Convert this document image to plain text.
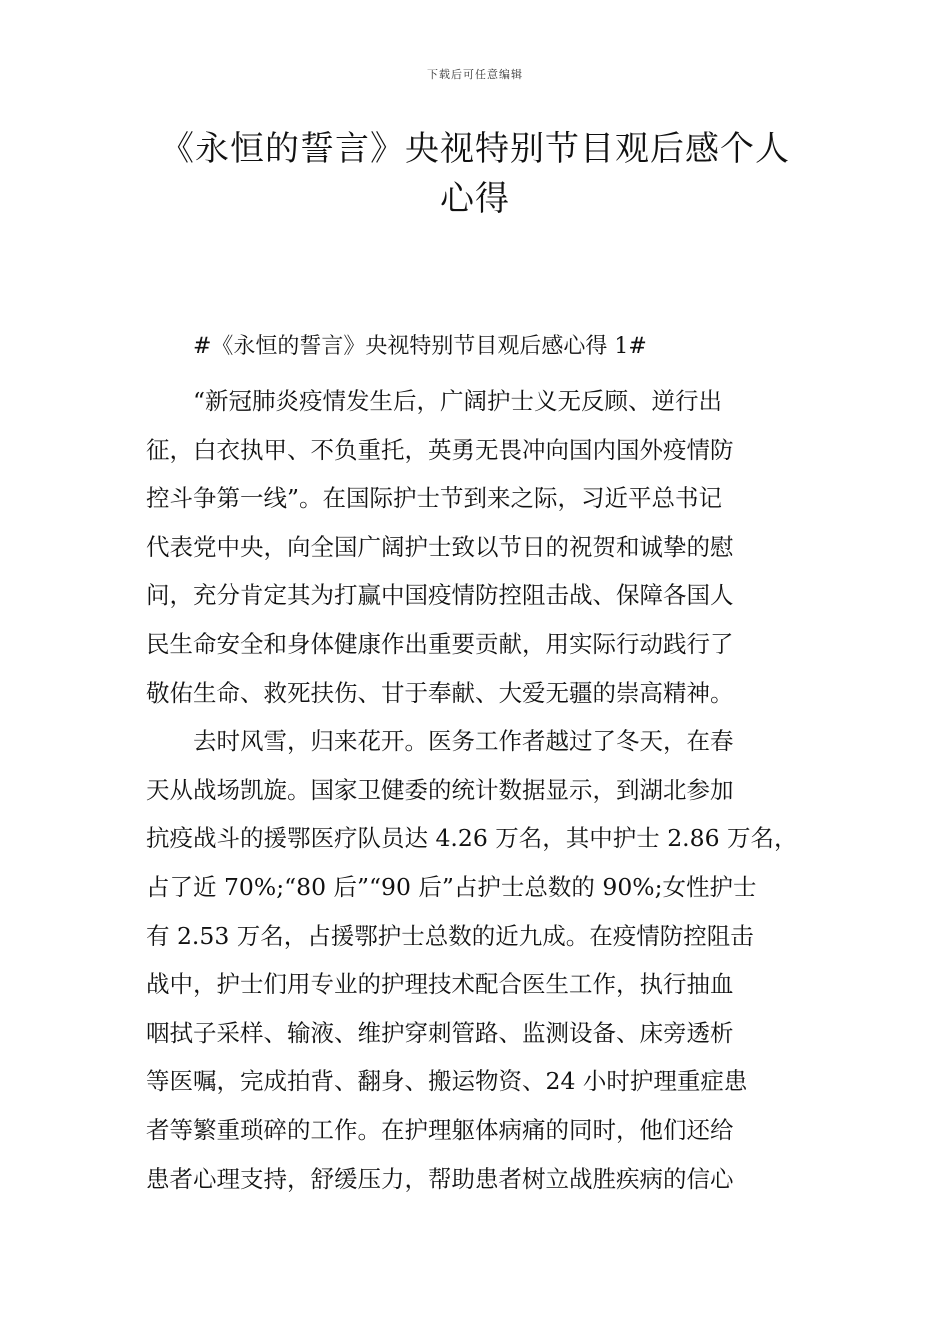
下载后可任意编辑
《永恒的誓言》央视特别节目观后感个人
心得
#《永恒的誓言》央视特别节目观后感心得 1#
“新冠肺炎疫情发生后，广阔护士义无反顾、逆行出
征，白衣执甲、不负重托，英勇无畏冲向国内国外疫情防
控斗争第一线”。在国际护士节到来之际，习近平总书记
代表党中央，向全国广阔护士致以节日的祝贺和诚挚的慰
问，充分肯定其为打赢中国疫情防控阻击战、保障各国人
民生命安全和身体健康作出重要贡献，用实际行动践行了
敬佑生命、救死扶伤、甘于奉献、大爱无疆的崇高精神。
去时风雪，归来花开。医务工作者越过了冬天，在春
天从战场凯旋。国家卫健委的统计数据显示，到湖北参加
抗疫战斗的援鄂医疗队员达 4.26 万名，其中护士 2.86 万名，
占了近 70%;“80 后”“90 后”占护士总数的 90%;女性护士
有 2.53 万名，占援鄂护士总数的近九成。在疫情防控阻击
战中，护士们用专业的护理技术配合医生工作，执行抽血
咽拭子采样、输液、维护穿刺管路、监测设备、床旁透析
等医嘱，完成拍背、翻身、搬运物资、24 小时护理重症患
者等繁重琐碎的工作。在护理躯体病痛的同时，他们还给
患者心理支持，舒缓压力，帮助患者树立战胜疾病的信心
